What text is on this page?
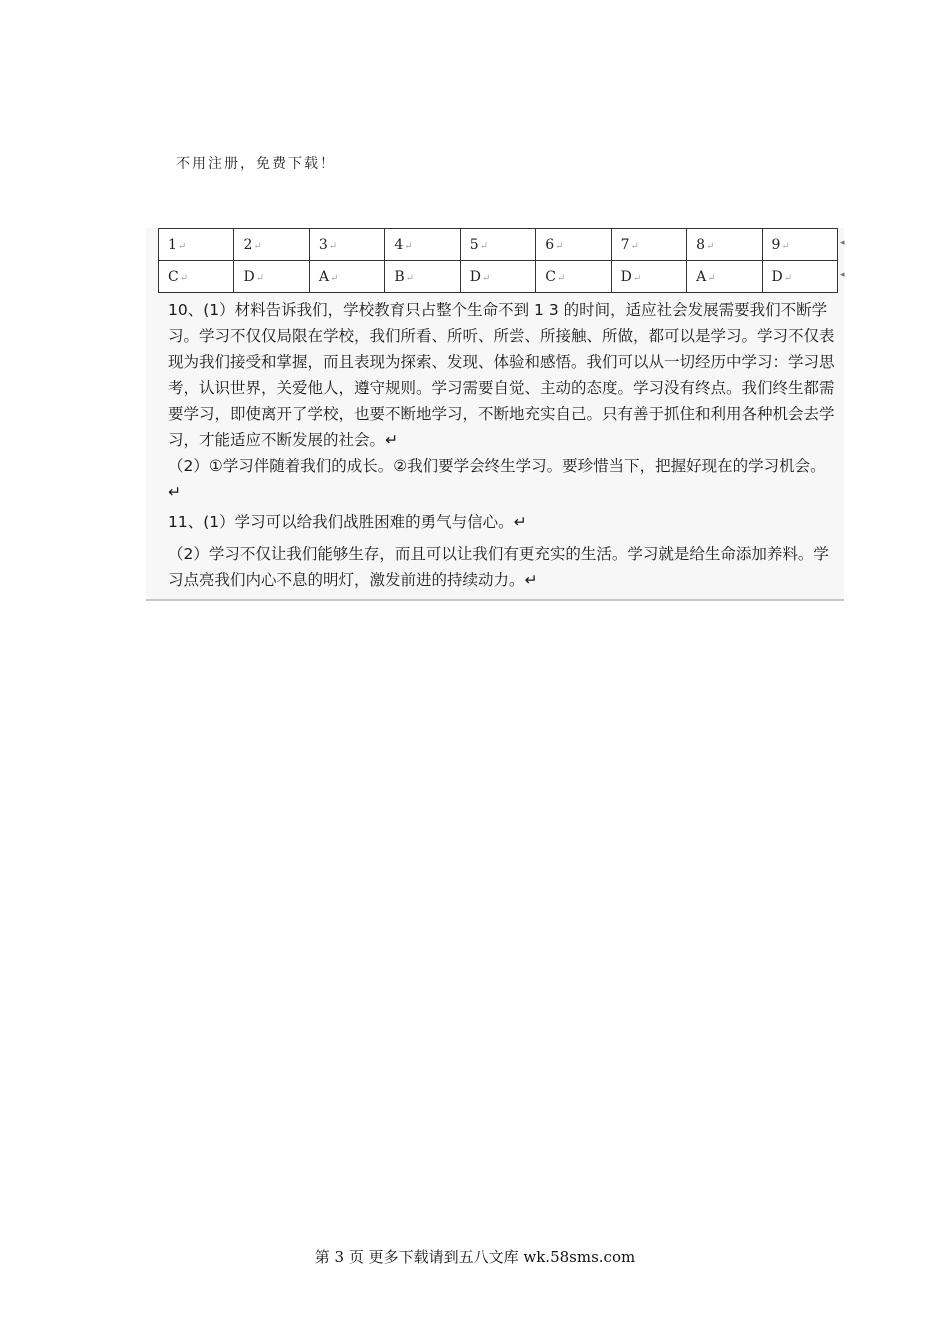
不用注册，免费下载！
1↵	2↵	3↵	4↵	5↵	6↵	7↵	8↵	9↵
C↵	D↵	A↵	B↵	D↵	C↵	D↵	A↵	D↵
◂
◂

10、(1）材料告诉我们，学校教育只占整个生命不到 1 3 的时间，适应社会发展需要我们不断学习。学习不仅仅局限在学校，我们所看、所听、所尝、所接触、所做，都可以是学习。学习不仅表现为我们接受和掌握，而且表现为探索、发现、体验和感悟。我们可以从一切经历中学习：学习思考，认识世界，关爱他人，遵守规则。学习需要自觉、主动的态度。学习没有终点。我们终生都需要学习，即使离开了学校，也要不断地学习，不断地充实自己。只有善于抓住和利用各种机会去学习，才能适应不断发展的社会。↵

（2）①学习伴随着我们的成长。②我们要学会终生学习。要珍惜当下，把握好现在的学习机会。↵

11、(1）学习可以给我们战胜困难的勇气与信心。↵

（2）学习不仅让我们能够生存，而且可以让我们有更充实的生活。学习就是给生命添加养料。学习点亮我们内心不息的明灯，激发前进的持续动力。↵

第 3 页 更多下载请到五八文库 wk.58sms.com
